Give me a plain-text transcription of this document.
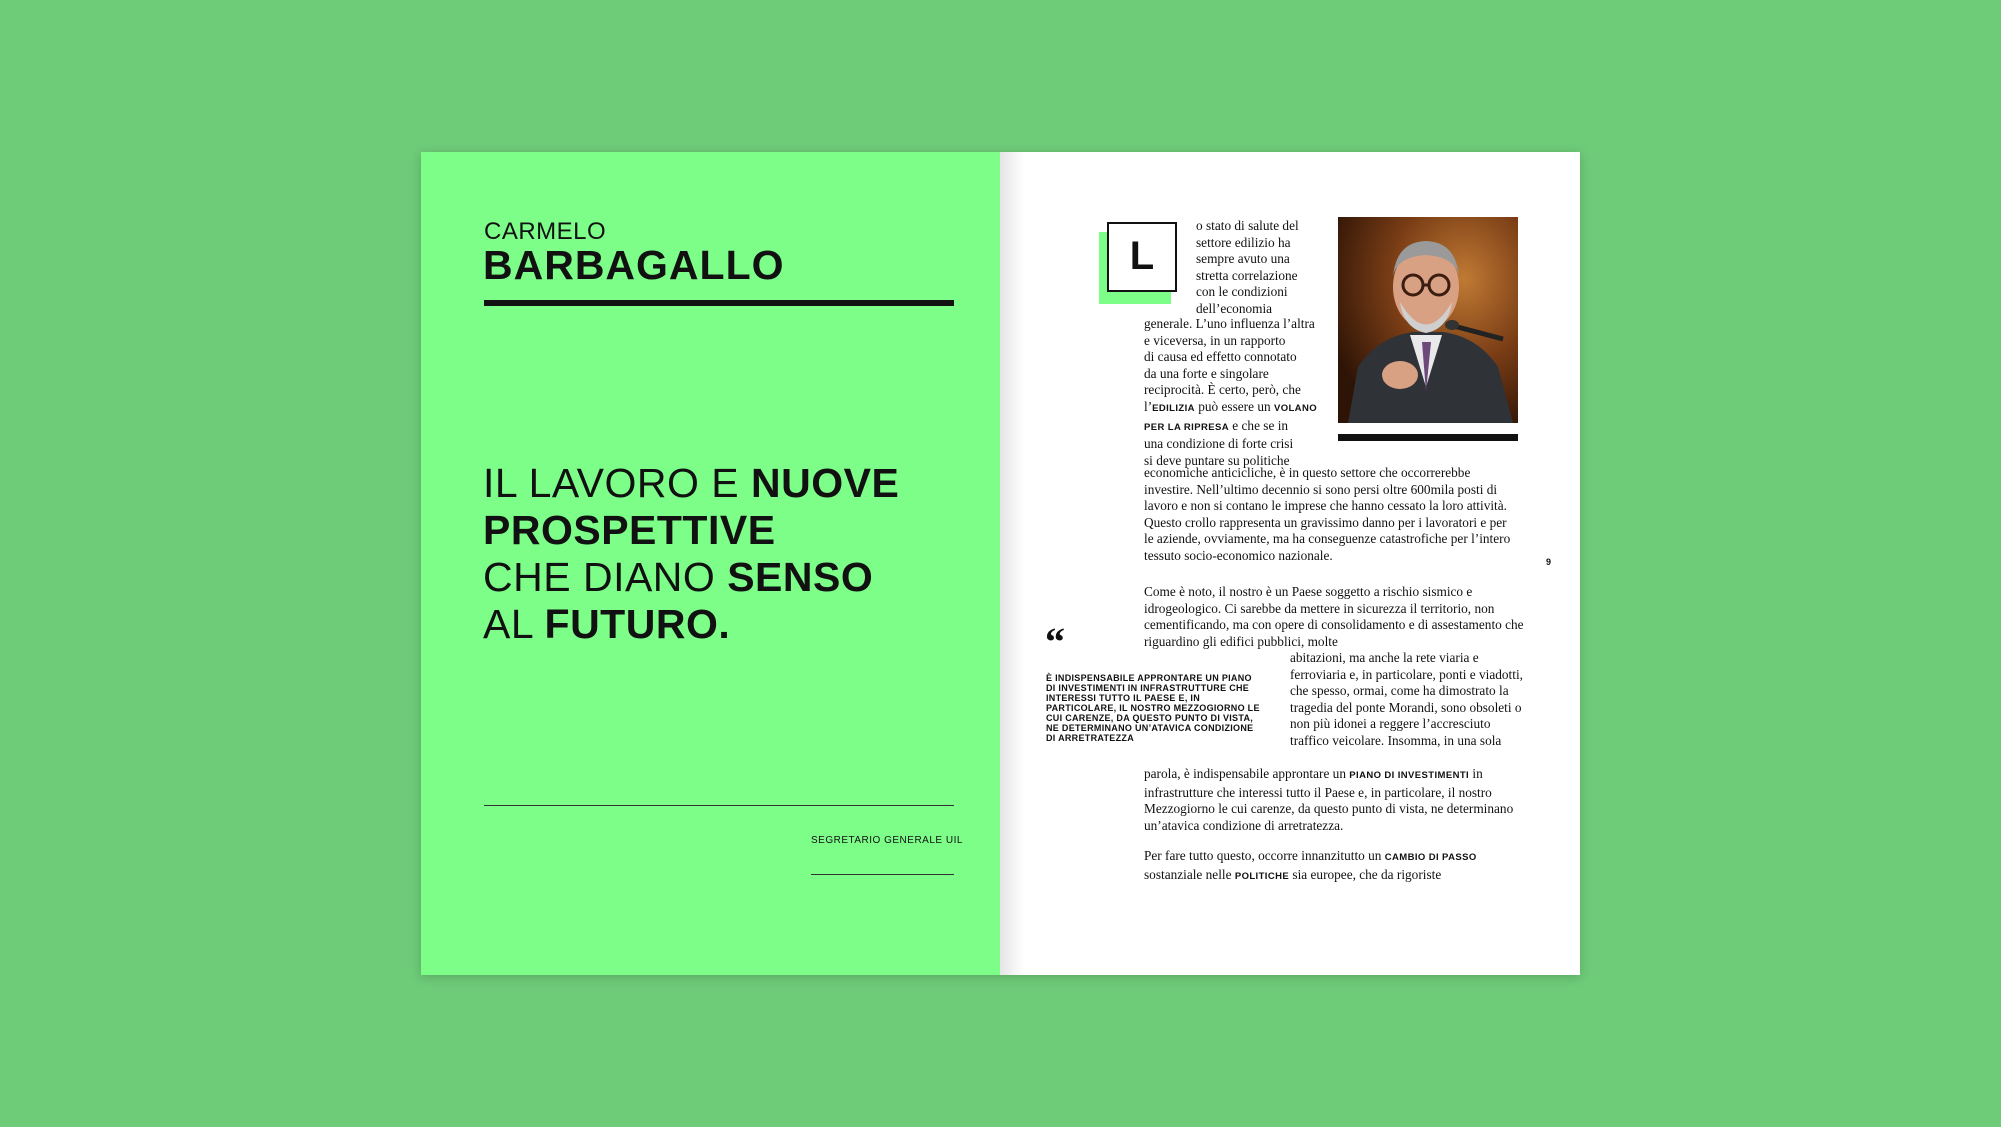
CARMELO
BARBAGALLO
IL LAVORO E NUOVE
PROSPETTIVE
CHE DIANO SENSO
AL FUTURO.
SEGRETARIO GENERALE UIL
L
o stato di salute del
settore edilizio ha
sempre avuto una
stretta correlazione
con le condizioni
dell’economia
generale. L’uno influenza l’altra
e viceversa, in un rapporto
di causa ed effetto connotato
da una forte e singolare
reciprocità. È certo, però, che
l’EDILIZIA può essere un VOLANO
PER LA RIPRESA e che se in
una condizione di forte crisi
si deve puntare su politiche
economiche anticicliche, è in questo settore che occorrerebbe investire. Nell’ultimo decennio si sono persi oltre 600mila posti di lavoro e non si contano le imprese che hanno cessato la loro attività. Questo crollo rappresenta un gravissimo danno per i lavoratori e per le aziende, ovviamente, ma ha conseguenze catastrofiche per l’intero tessuto socio-economico nazionale.	9
“
È INDISPENSABILE APPRONTARE UN PIANO DI INVESTIMENTI IN INFRASTRUTTURE CHE INTERESSI TUTTO IL PAESE E, IN PARTICOLARE, IL NOSTRO MEZZOGIORNO LE CUI CARENZE, DA QUESTO PUNTO DI VISTA, NE DETERMINANO UN’ATAVICA CONDIZIONE DI ARRETRATEZZA
Come è noto, il nostro è un Paese soggetto a rischio sismico e idrogeologico. Ci sarebbe da mettere in sicurezza il territorio, non cementificando, ma con opere di consolidamento e di assestamento che riguardino gli edifici pubblici, molte
abitazioni, ma anche la rete viaria e ferroviaria e, in particolare, ponti e viadotti, che spesso, ormai, come ha dimostrato la tragedia del ponte Morandi, sono obsoleti o non più idonei a reggere l’accresciuto traffico veicolare. Insomma, in una sola
parola, è indispensabile approntare un PIANO DI INVESTIMENTI in infrastrutture che interessi tutto il Paese e, in particolare, il nostro Mezzogiorno le cui carenze, da questo punto di vista, ne determinano un’atavica condizione di arretratezza.
Per fare tutto questo, occorre innanzitutto un CAMBIO DI PASSO sostanziale nelle POLITICHE sia europee, che da rigoriste
